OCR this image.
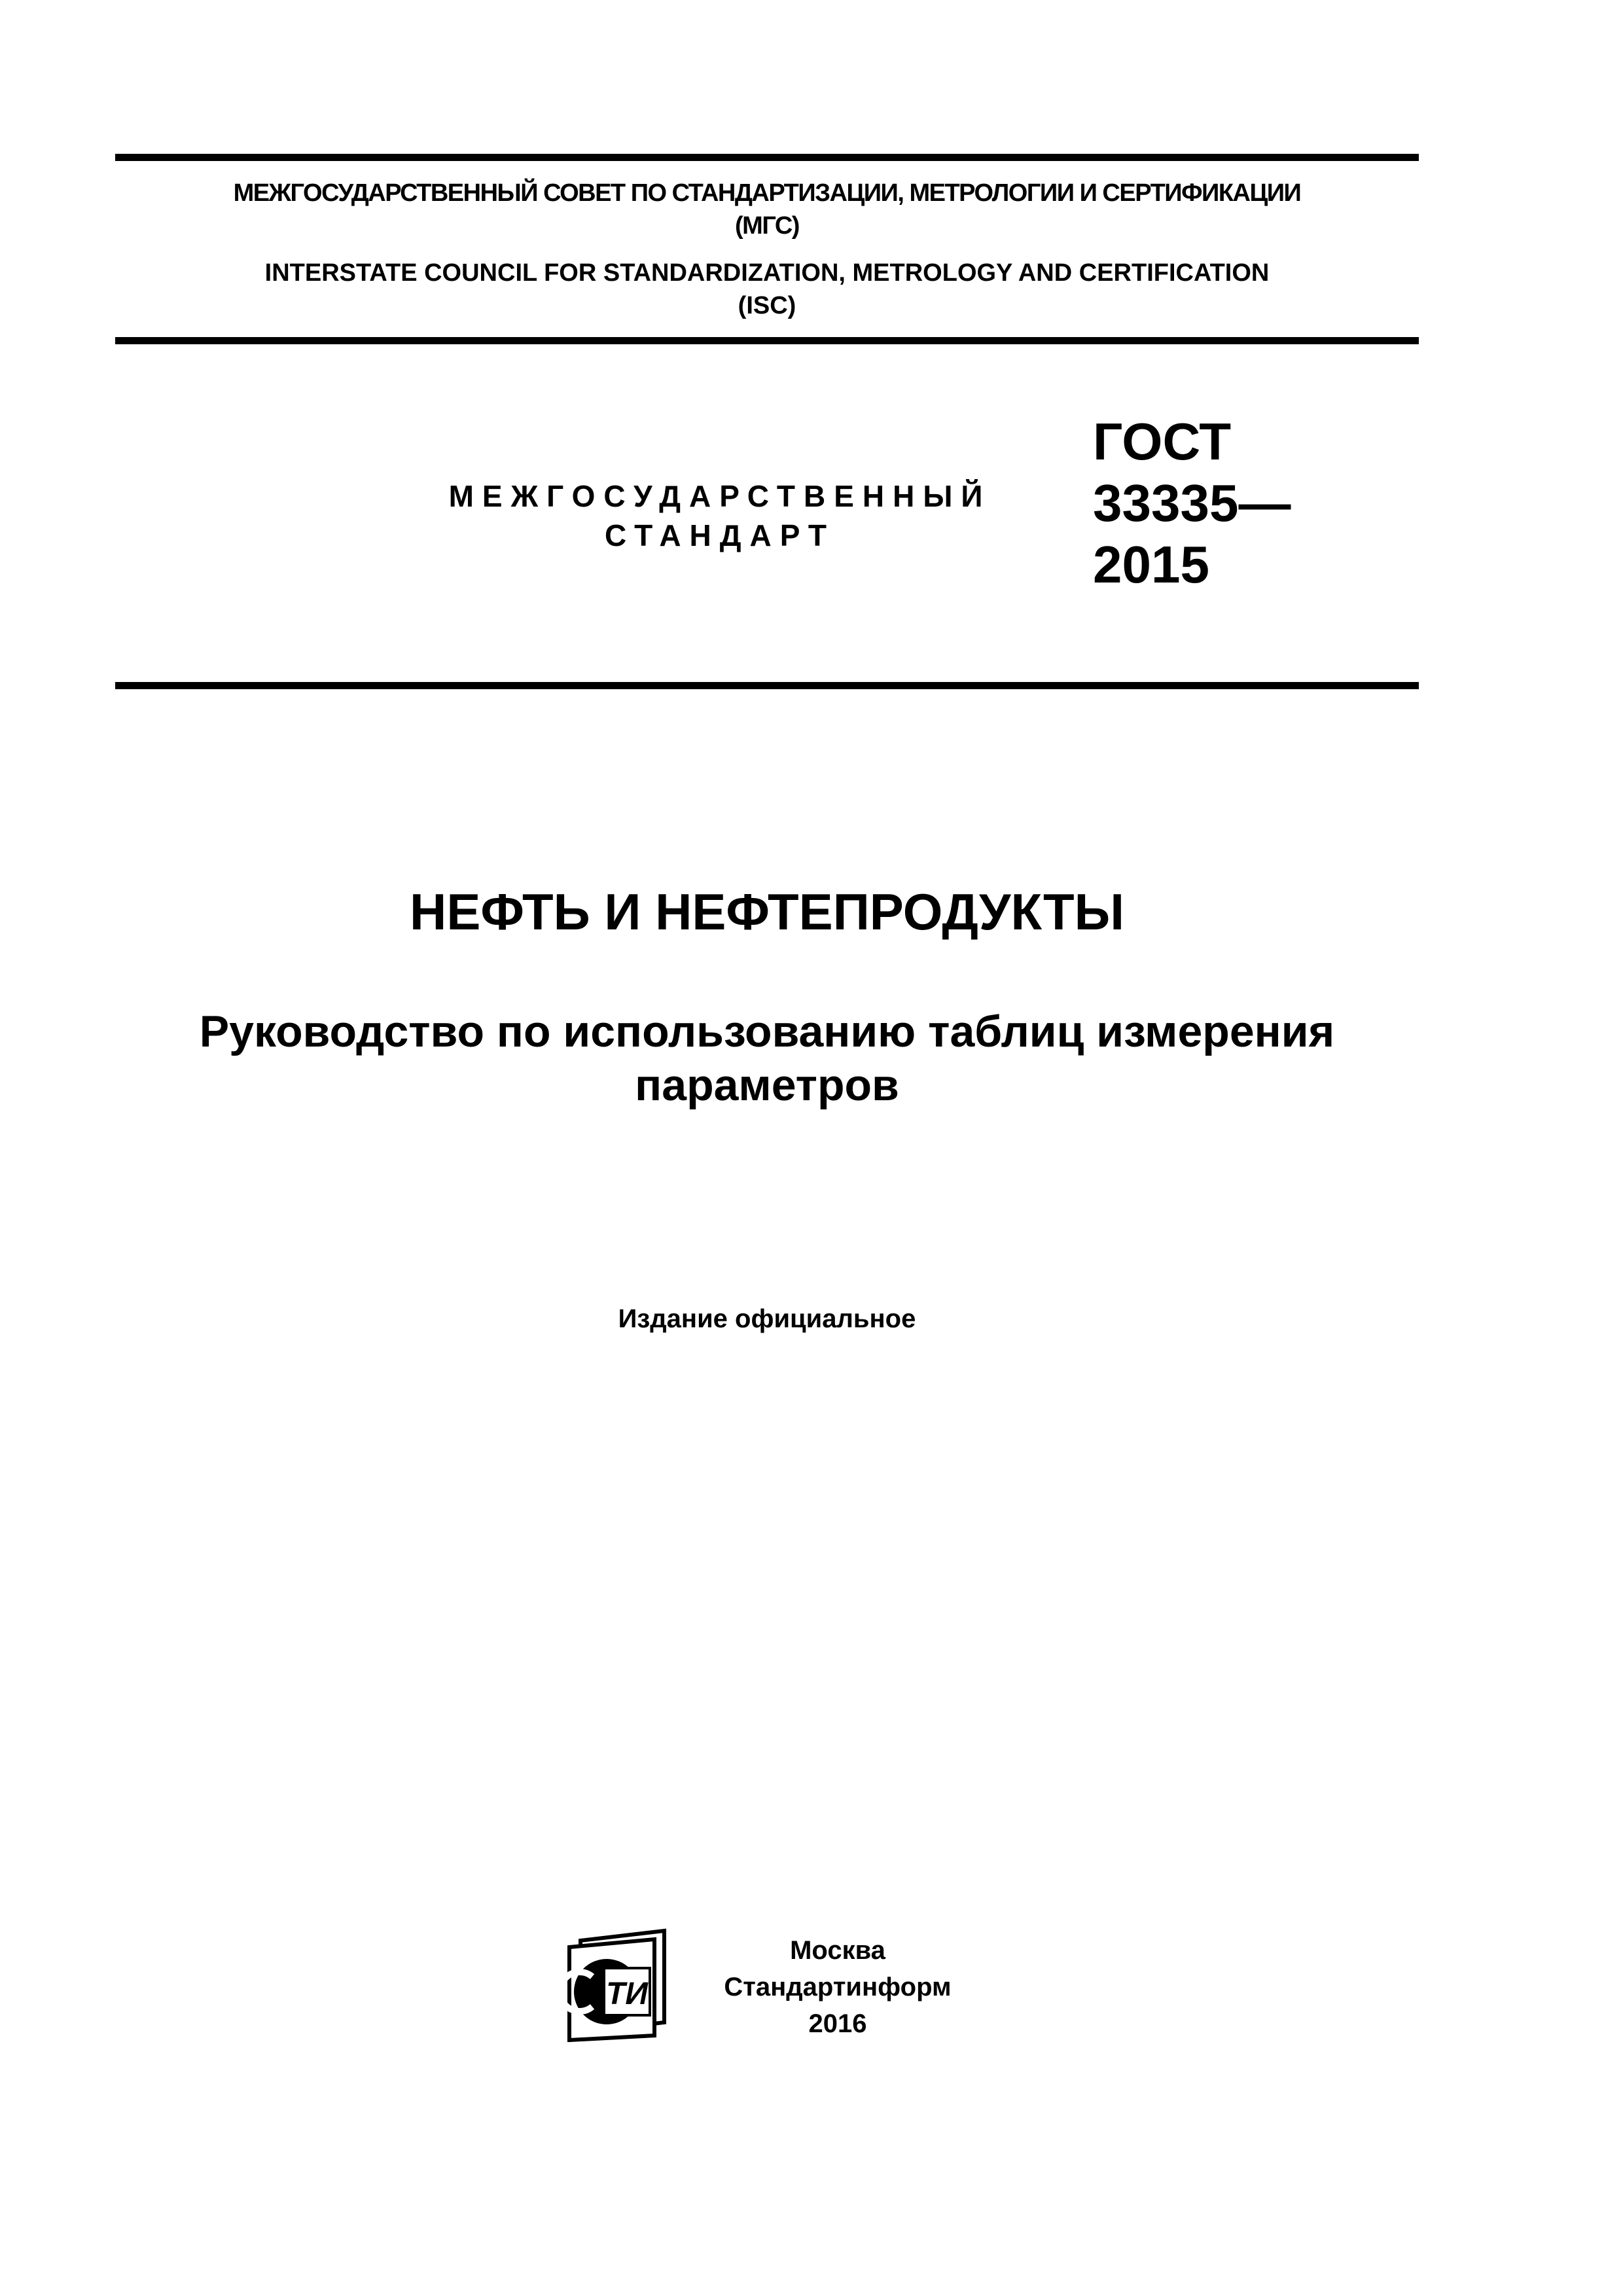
МЕЖГОСУДАРСТВЕННЫЙ СОВЕТ ПО СТАНДАРТИЗАЦИИ, МЕТРОЛОГИИ И СЕРТИФИКАЦИИ
(МГС)
INTERSTATE COUNCIL FOR STANDARDIZATION, METROLOGY AND CERTIFICATION
(ISC)
МЕЖГОСУДАРСТВЕННЫЙ
СТАНДАРТ
ГОСТ
33335—
2015
НЕФТЬ И НЕФТЕПРОДУКТЫ
Руководство по использованию таблиц измерения
параметров
Издание официальное
ТИ
Москва
Стандартинформ
2016
